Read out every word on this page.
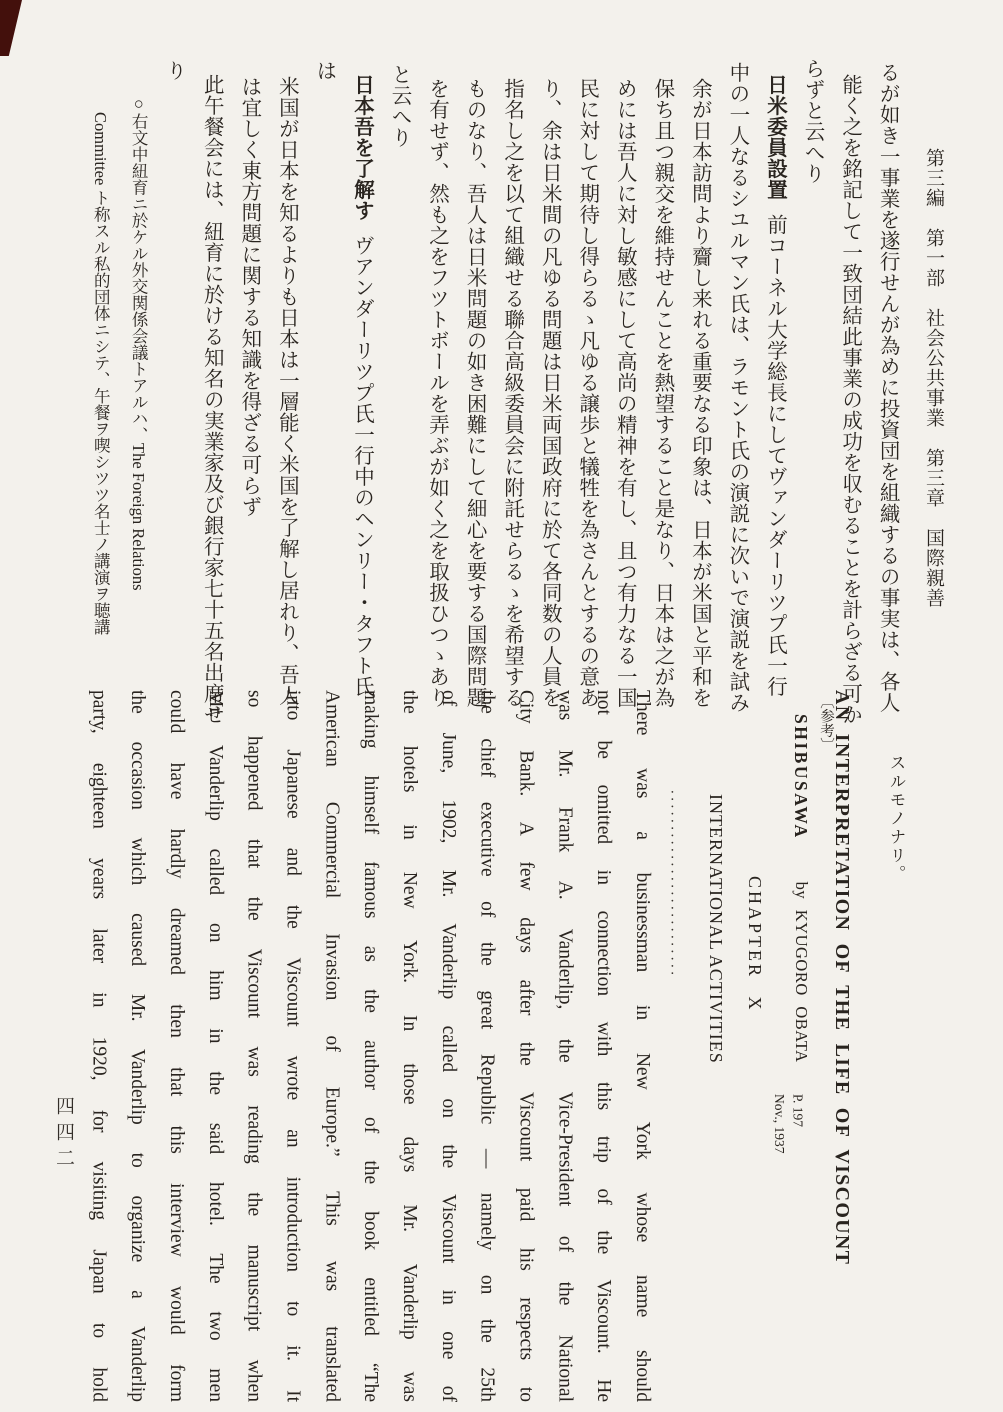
第三編　第一部　社会公共事業　第三章　国際親善
るが如き一事業を遂行せんが為めに投資団を組織するの事実は、各人
能く之を銘記して一致団結此事業の成功を収むることを計らざる可か
らずと云へり
日米委員設置前コーネル大学総長にしてヴァンダーリツプ氏一行
中の一人なるシユルマン氏は、ラモント氏の演説に次いで演説を試み
余が日本訪問より齎し来れる重要なる印象は、日本が米国と平和を
保ち且つ親交を維持せんことを熱望すること是なり、日本は之が為
めには吾人に対し敏感にして高尚の精神を有し、且つ有力なる一国
民に対して期待し得らるゝ凡ゆる譲歩と犠牲を為さんとするの意あ
り、余は日米間の凡ゆる問題は日米両国政府に於て各同数の人員を
指名し之を以て組織せる聯合高級委員会に附託せらるゝを希望する
ものなり、吾人は日米問題の如き困難にして細心を要する国際問題
を有せず、然も之をフツトボールを弄ぶが如く之を取扱ひつゝあり
と云へり
日本吾を了解すヴアンダーリツプ氏一行中のヘンリー・タフト氏
は
米国が日本を知るよりも日本は一層能く米国を了解し居れり、吾人
は宜しく東方問題に関する知識を得ざる可らず
此午餐会には、紐育に於ける知名の実業家及び銀行家七十五名出席せ
り
○右文中紐育ニ於ケル外交関係会議トアルハ、The Foreign Relations
Committee ト称スル私的団体ニシテ、午餐ヲ喫シツツ名士ノ講演ヲ聴講
スルモノナリ。
〔参考〕
AN INTERPRETATION OF THE LIFE OF VISCOUNT
SHIBUSAWAby KYUGORO OBATA
CHAPTER X
INTERNATIONAL ACTIVITIES
..........................
There was a businessman in New York whose name should
not be omitted in connection with this trip of the Viscount. He
was Mr. Frank A. Vanderlip, the Vice-President of the National
City Bank. A few days after the Viscount paid his respects to
the chief executive of the great Republic — namely on the 25th
of June, 1902, Mr. Vanderlip called on the Viscount in one of
the hotels in New York. In those days Mr. Vanderlip was
making himself famous as the author of the book entitled “The
American Commercial Invasion of Europe.” This was translated
into Japanese and the Viscount wrote an introduction to it. It
so happened that the Viscount was reading the manuscript when
Mr. Vanderlip called on him in the said hotel. The two men
could have hardly dreamed then that this interview would form
the occasion which caused Mr. Vanderlip to organize a Vanderlip
party, eighteen years later in 1920, for visiting Japan to hold	P. 197
Nov., 1937
四四二
